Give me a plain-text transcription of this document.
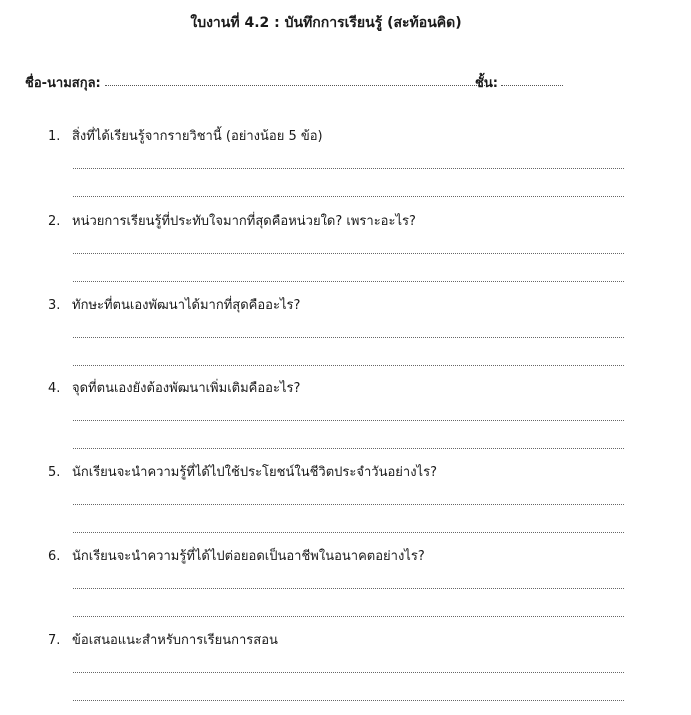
ใบงานที่ 4.2 : บันทึกการเรียนรู้ (สะท้อนคิด)
ชื่อ-นามสกุล:	ชั้น:
1. สิ่งที่ได้เรียนรู้จากรายวิชานี้ (อย่างน้อย 5 ข้อ)
2. หน่วยการเรียนรู้ที่ประทับใจมากที่สุดคือหน่วยใด? เพราะอะไร?
3. ทักษะที่ตนเองพัฒนาได้มากที่สุดคืออะไร?
4. จุดที่ตนเองยังต้องพัฒนาเพิ่มเติมคืออะไร?
5. นักเรียนจะนำความรู้ที่ได้ไปใช้ประโยชน์ในชีวิตประจำวันอย่างไร?
6. นักเรียนจะนำความรู้ที่ได้ไปต่อยอดเป็นอาชีพในอนาคตอย่างไร?
7. ข้อเสนอแนะสำหรับการเรียนการสอน
